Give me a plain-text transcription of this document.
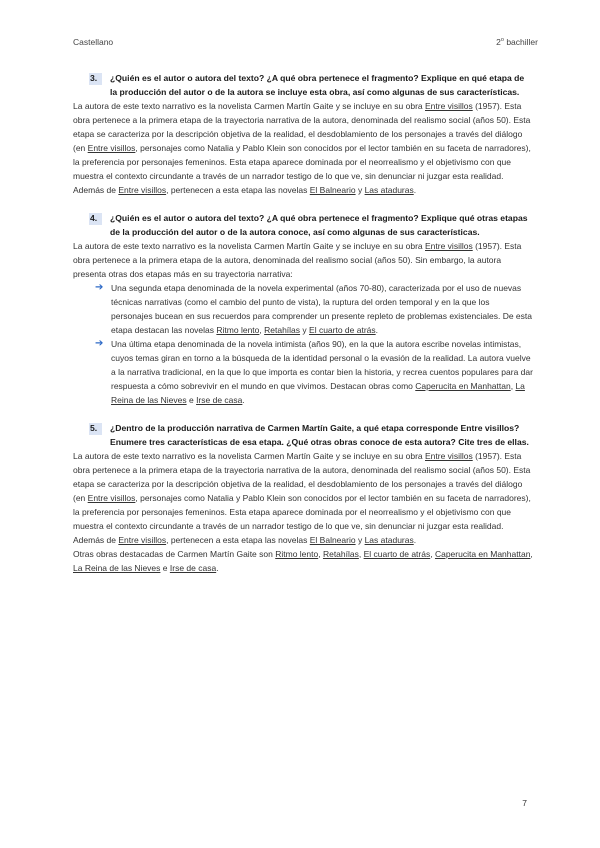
Castellano	2$^o$ bachiller
3. ¿Quién es el autor o autora del texto? ¿A qué obra pertenece el fragmento? Explique en qué etapa de la producción del autor o de la autora se incluye esta obra, así como algunas de sus características.

La autora de este texto narrativo es la novelista Carmen Martín Gaite y se incluye en su obra Entre visillos (1957). Esta obra pertenece a la primera etapa de la trayectoria narrativa de la autora, denominada del realismo social (años 50). Esta etapa se caracteriza por la descripción objetiva de la realidad, el desdoblamiento de los personajes a través del diálogo (en Entre visillos, personajes como Natalia y Pablo Klein son conocidos por el lector también en su faceta de narradores), la preferencia por personajes femeninos. Esta etapa aparece dominada por el neorrealismo y el objetivismo con que muestra el contexto circundante a través de un narrador testigo de lo que ve, sin denunciar ni juzgar esta realidad.

Además de Entre visillos, pertenecen a esta etapa las novelas El Balneario y Las ataduras.

4. ¿Quién es el autor o autora del texto? ¿A qué obra pertenece el fragmento? Explique qué otras etapas de la producción del autor o de la autora conoce, así como algunas de sus características.

La autora de este texto narrativo es la novelista Carmen Martín Gaite y se incluye en su obra Entre visillos (1957). Esta obra pertenece a la primera etapa de la autora, denominada del realismo social (años 50). Sin embargo, la autora presenta otras dos etapas más en su trayectoria narrativa:

➔ Una segunda etapa denominada de la novela experimental (años 70-80), caracterizada por el uso de nuevas técnicas narrativas (como el cambio del punto de vista), la ruptura del orden temporal y en la que los personajes bucean en sus recuerdos para comprender un presente repleto de problemas existenciales. De esta etapa destacan las novelas Ritmo lento, Retahílas y El cuarto de atrás.
➔ Una última etapa denominada de la novela intimista (años 90), en la que la autora escribe novelas intimistas, cuyos temas giran en torno a la búsqueda de la identidad personal o la evasión de la realidad. La autora vuelve a la narrativa tradicional, en la que lo que importa es contar bien la historia, y recrea cuentos populares para dar respuesta a cómo sobrevivir en el mundo en que vivimos. Destacan obras como Caperucita en Manhattan, La Reina de las Nieves e Irse de casa.
5. ¿Dentro de la producción narrativa de Carmen Martín Gaite, a qué etapa corresponde Entre visillos? Enumere tres características de esa etapa. ¿Qué otras obras conoce de esta autora? Cite tres de ellas.

La autora de este texto narrativo es la novelista Carmen Martín Gaite y se incluye en su obra Entre visillos (1957). Esta obra pertenece a la primera etapa de la trayectoria narrativa de la autora, denominada del realismo social (años 50). Esta etapa se caracteriza por la descripción objetiva de la realidad, el desdoblamiento de los personajes a través del diálogo (en Entre visillos, personajes como Natalia y Pablo Klein son conocidos por el lector también en su faceta de narradores), la preferencia por personajes femeninos. Esta etapa aparece dominada por el neorrealismo y el objetivismo con que muestra el contexto circundante a través de un narrador testigo de lo que ve, sin denunciar ni juzgar esta realidad.

Además de Entre visillos, pertenecen a esta etapa las novelas El Balneario y Las ataduras.

Otras obras destacadas de Carmen Martín Gaite son Ritmo lento, Retahílas, El cuarto de atrás, Caperucita en Manhattan, La Reina de las Nieves e Irse de casa.

7
